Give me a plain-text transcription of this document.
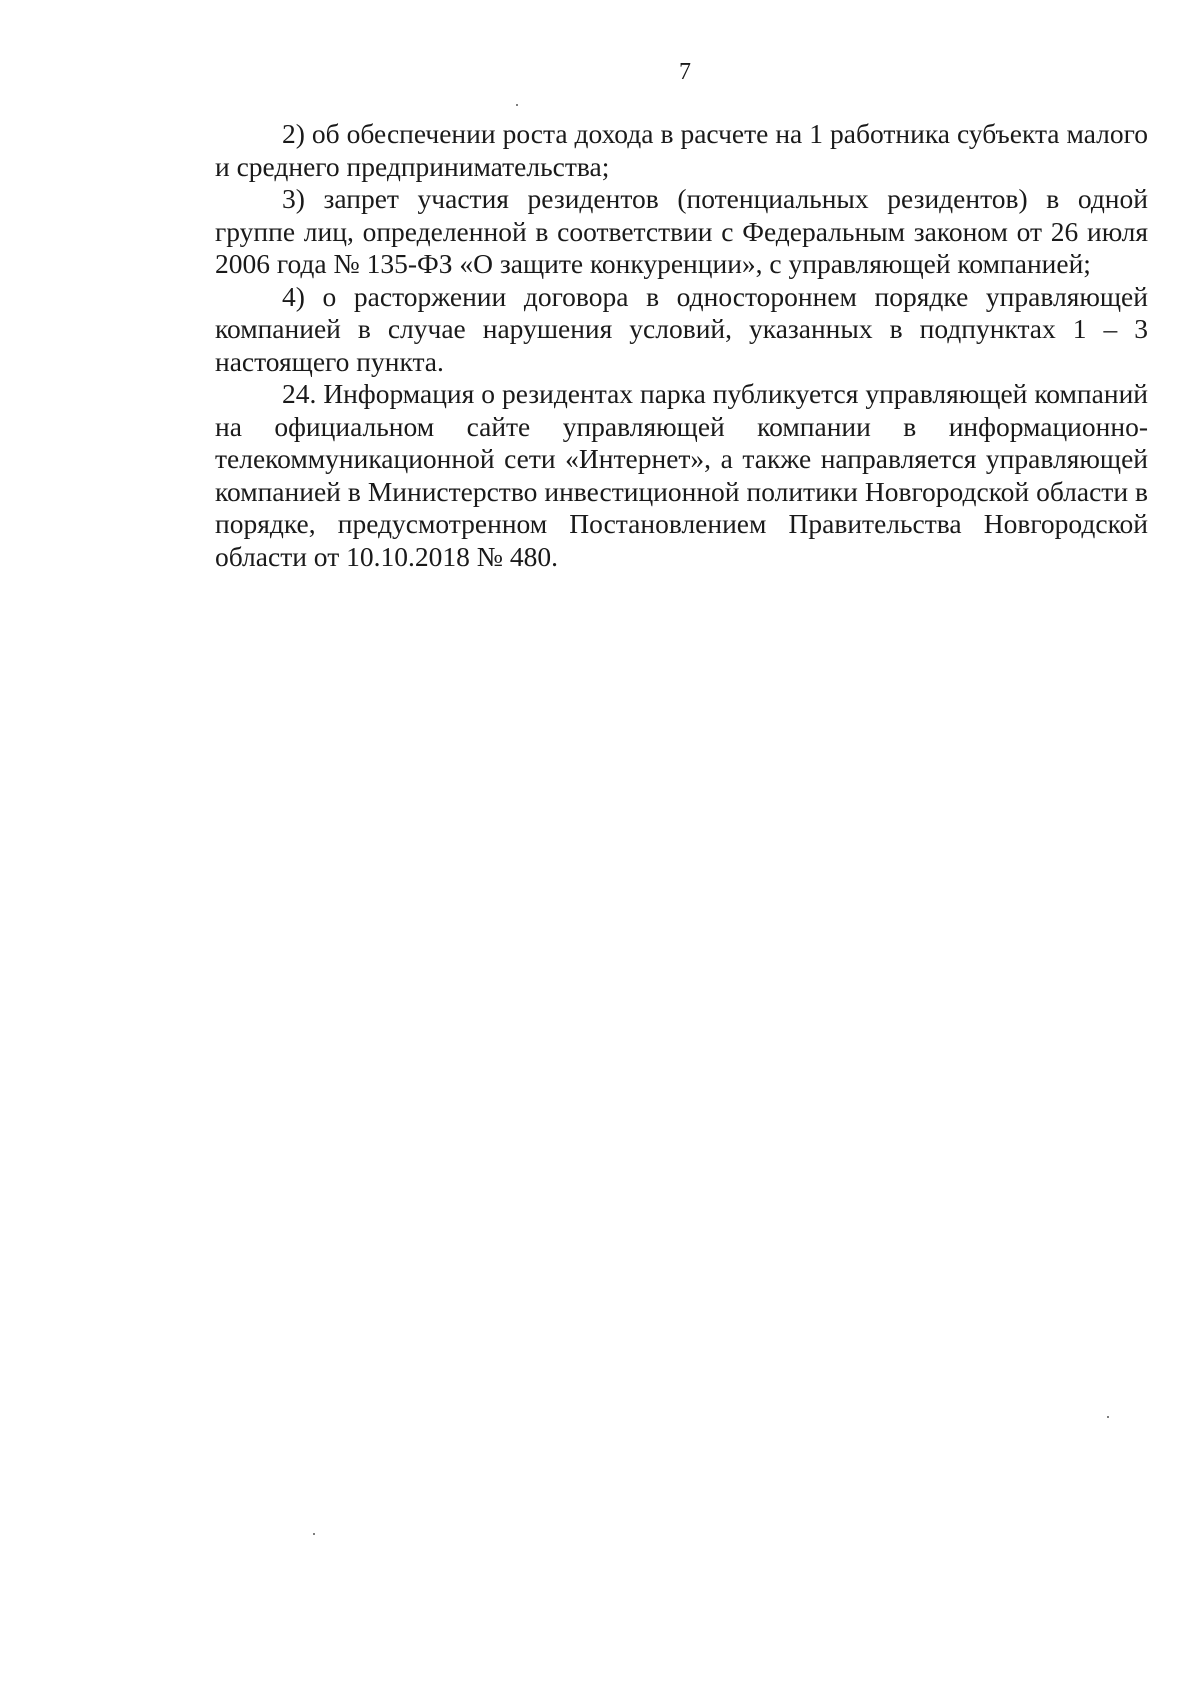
7

2) об обеспечении роста дохода в расчете на 1 работника субъекта малого и среднего предпринимательства;

3) запрет участия резидентов (потенциальных резидентов) в одной группе лиц, определенной в соответствии с Федеральным законом от 26 июля 2006 года № 135-ФЗ «О защите конкуренции», с управляющей компанией;

4) о расторжении договора в одностороннем порядке управляющей компанией в случае нарушения условий, указанных в подпунктах 1 – 3 настоящего пункта.

24. Информация о резидентах парка публикуется управляющей компаний на официальном сайте управляющей компании в информационно-телекоммуникационной сети «Интернет», а также направляется управляющей компанией в Министерство инвестиционной политики Новгородской области в порядке, предусмотренном Постановлением Правительства Новгородской области от 10.10.2018 № 480.
